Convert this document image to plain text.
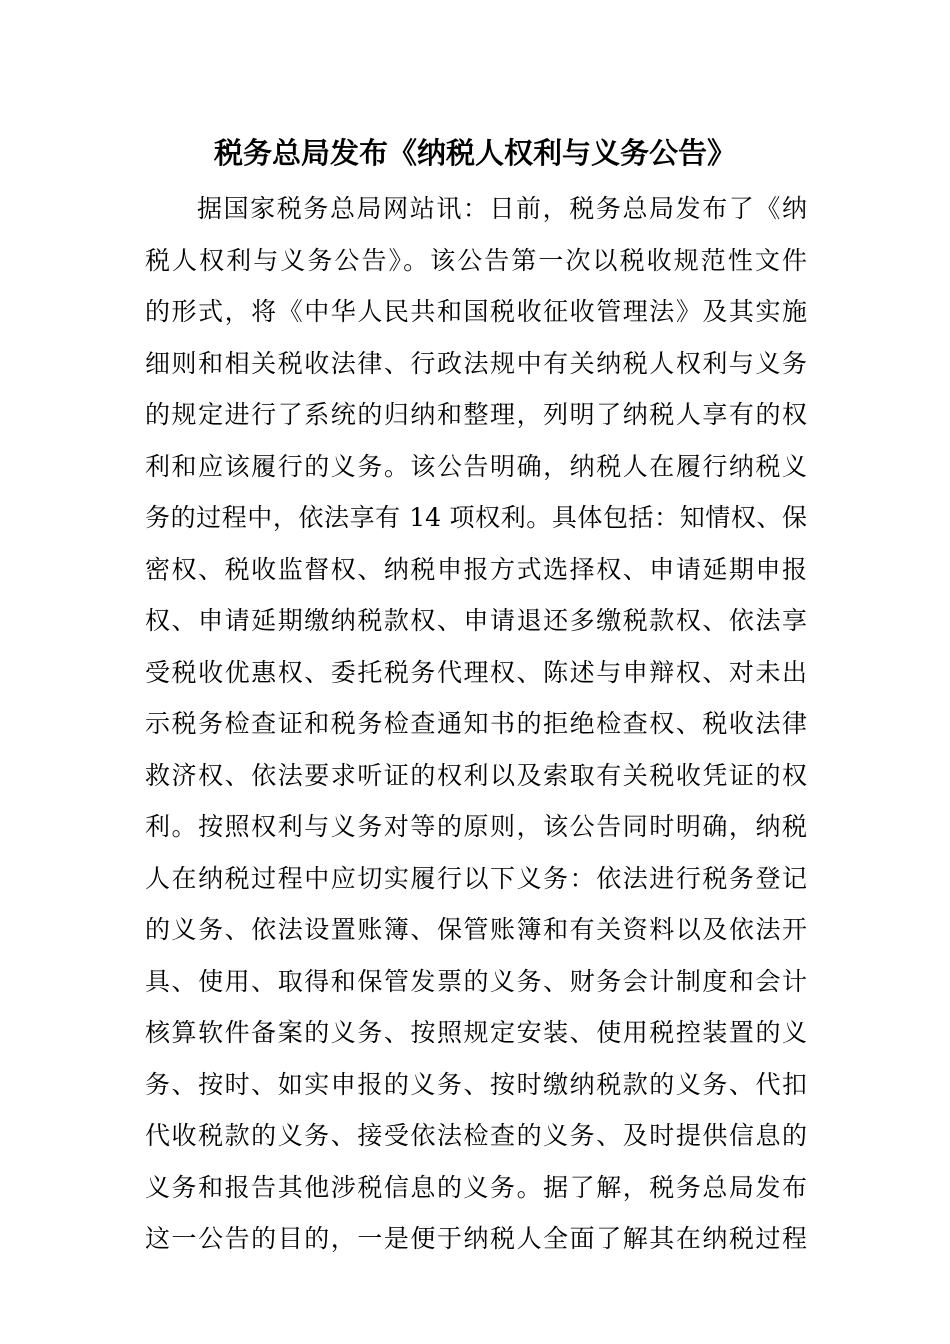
税务总局发布《纳税人权利与义务公告》
据国家税务总局网站讯：日前，税务总局发布了《纳
税人权利与义务公告》。该公告第一次以税收规范性文件
的形式，将《中华人民共和国税收征收管理法》及其实施
细则和相关税收法律、行政法规中有关纳税人权利与义务
的规定进行了系统的归纳和整理，列明了纳税人享有的权
利和应该履行的义务。该公告明确，纳税人在履行纳税义
务的过程中，依法享有 14 项权利。具体包括：知情权、保
密权、税收监督权、纳税申报方式选择权、申请延期申报
权、申请延期缴纳税款权、申请退还多缴税款权、依法享
受税收优惠权、委托税务代理权、陈述与申辩权、对未出
示税务检查证和税务检查通知书的拒绝检查权、税收法律
救济权、依法要求听证的权利以及索取有关税收凭证的权
利。按照权利与义务对等的原则，该公告同时明确，纳税
人在纳税过程中应切实履行以下义务：依法进行税务登记
的义务、依法设置账簿、保管账簿和有关资料以及依法开
具、使用、取得和保管发票的义务、财务会计制度和会计
核算软件备案的义务、按照规定安装、使用税控装置的义
务、按时、如实申报的义务、按时缴纳税款的义务、代扣
代收税款的义务、接受依法检查的义务、及时提供信息的
义务和报告其他涉税信息的义务。据了解，税务总局发布
这一公告的目的，一是便于纳税人全面了解其在纳税过程
